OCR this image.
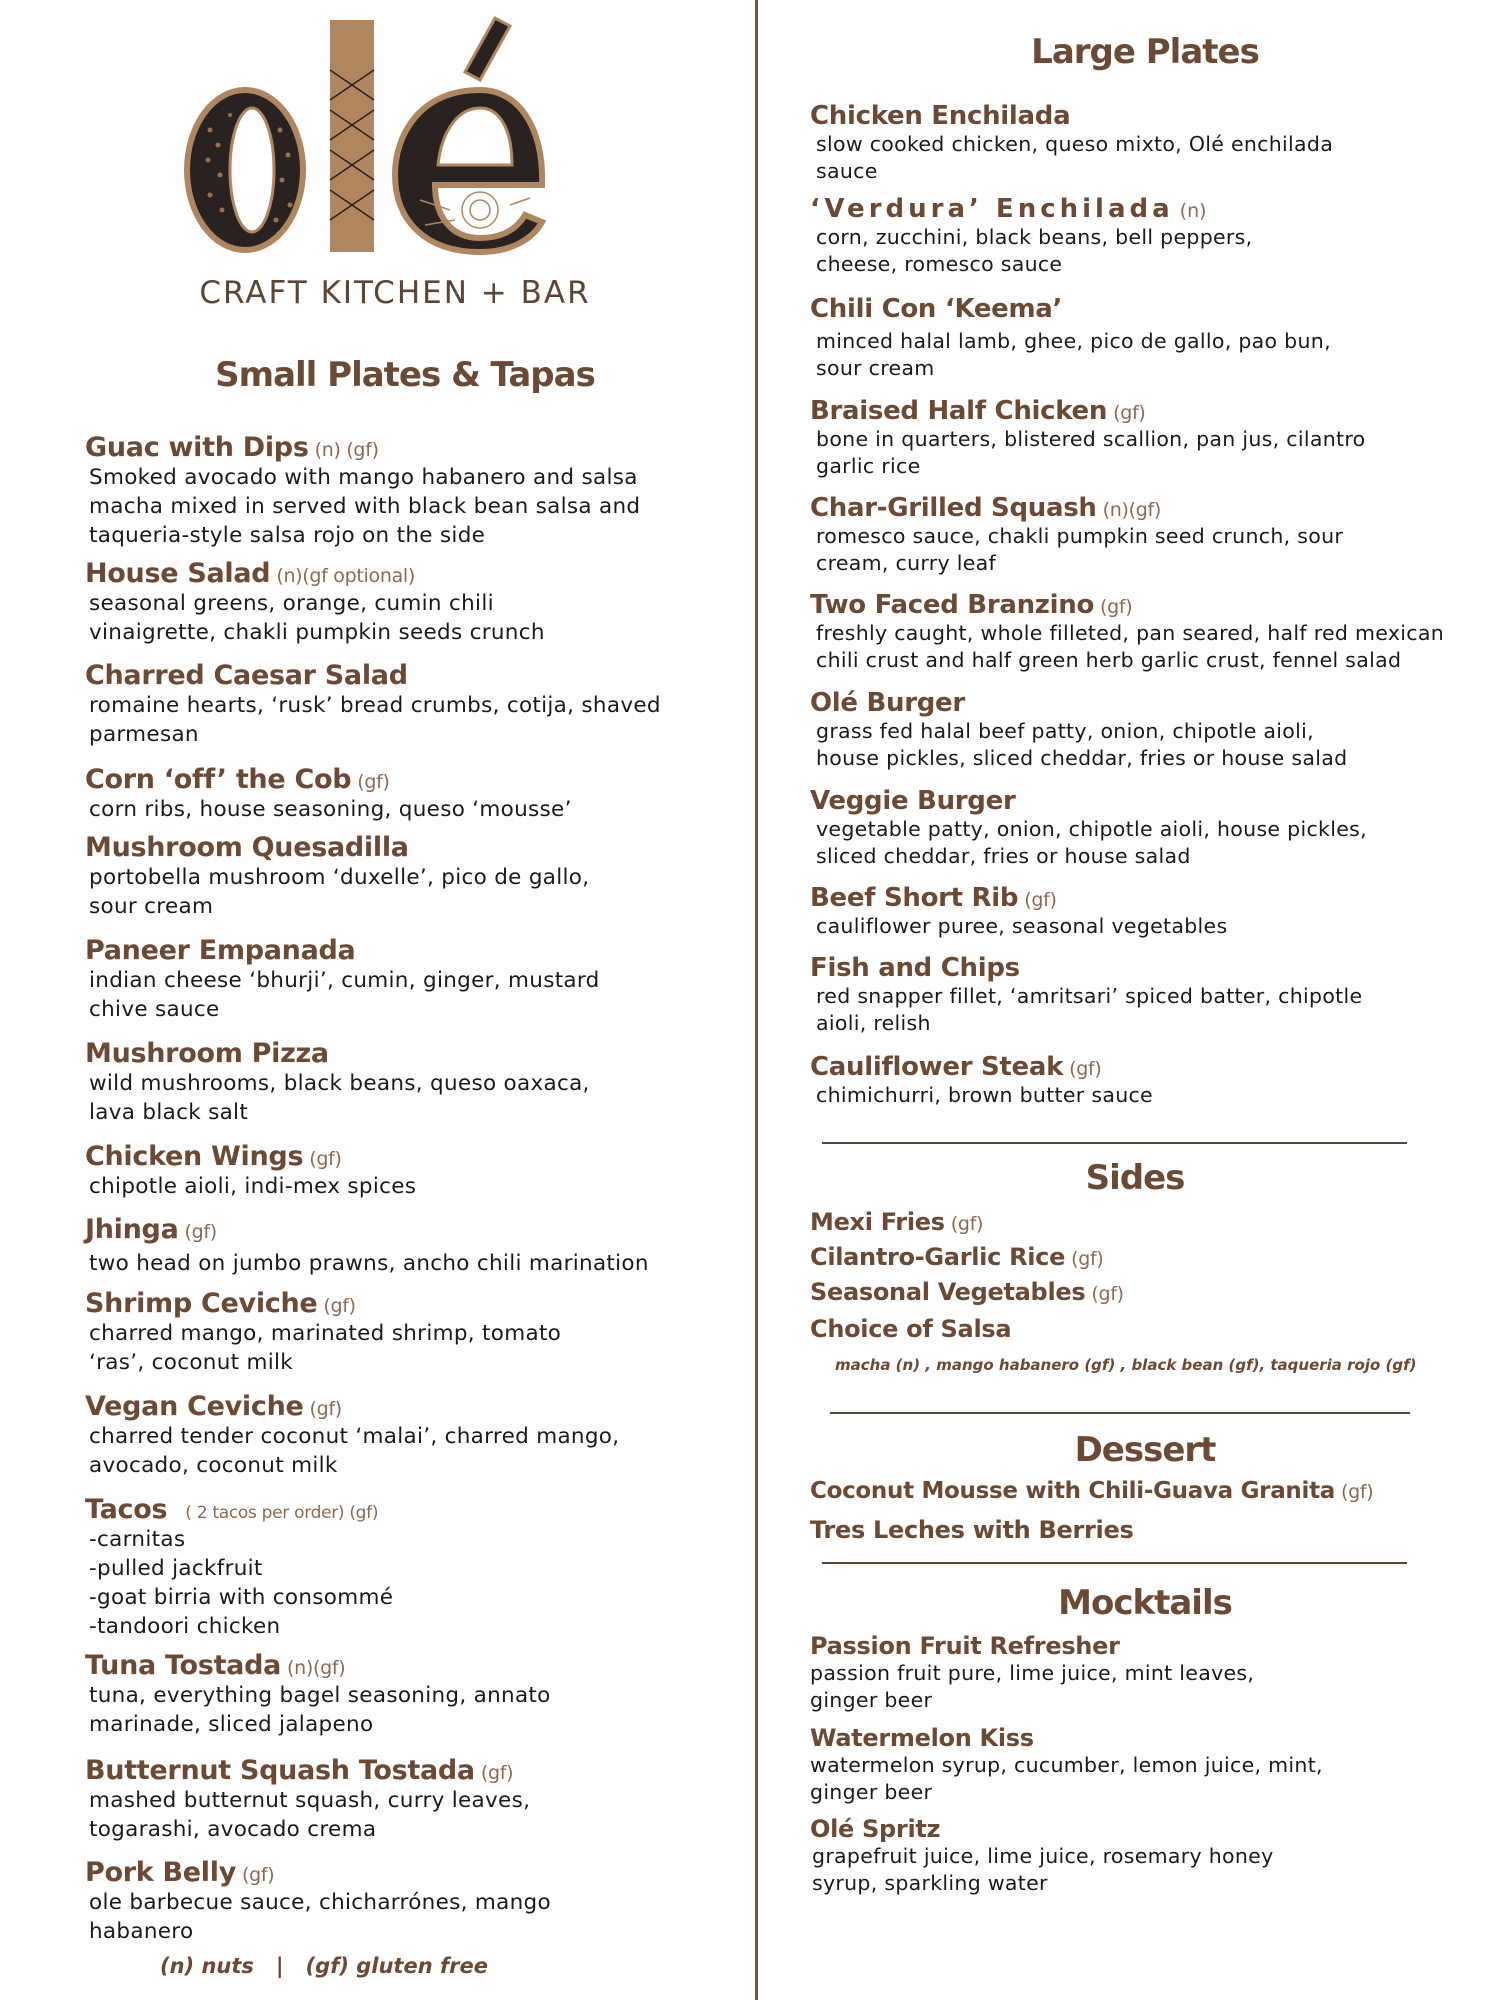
CRAFT KITCHEN + BAR
Small Plates & Tapas
Guac with Dips (n) (gf)
Smoked avocado with mango habanero and salsa
macha mixed in served with black bean salsa and
taqueria-style salsa rojo on the side
House Salad (n)(gf optional)
seasonal greens, orange, cumin chili
vinaigrette, chakli pumpkin seeds crunch
Charred Caesar Salad
romaine hearts, ‘rusk’ bread crumbs, cotija, shaved
parmesan
Corn ‘off’ the Cob (gf)
corn ribs, house seasoning, queso ‘mousse’
Mushroom Quesadilla
portobella mushroom ‘duxelle’, pico de gallo,
sour cream
Paneer Empanada
indian cheese ‘bhurji’, cumin, ginger, mustard
chive sauce
Mushroom Pizza
wild mushrooms, black beans, queso oaxaca,
lava black salt
Chicken Wings (gf)
chipotle aioli, indi-mex spices
Jhinga (gf)
two head on jumbo prawns, ancho chili marination
Shrimp Ceviche (gf)
charred mango, marinated shrimp, tomato
‘ras’, coconut milk
Vegan Ceviche (gf)
charred tender coconut ‘malai’, charred mango,
avocado, coconut milk
Tacos ( 2 tacos per order) (gf)
-carnitas
-pulled jackfruit
-goat birria with consommé
-tandoori chicken
Tuna Tostada (n)(gf)
tuna, everything bagel seasoning, annato
marinade, sliced jalapeno
Butternut Squash Tostada (gf)
mashed butternut squash, curry leaves,
togarashi, avocado crema
Pork Belly (gf)
ole barbecue sauce, chicharrónes, mango
habanero
(n) nuts | (gf) gluten free
Large Plates
Chicken Enchilada
slow cooked chicken, queso mixto, Olé enchilada
sauce
‘Verdura’ Enchilada (n)
corn, zucchini, black beans, bell peppers,
cheese, romesco sauce
Chili Con ‘Keema’
minced halal lamb, ghee, pico de gallo, pao bun,
sour cream
Braised Half Chicken (gf)
bone in quarters, blistered scallion, pan jus, cilantro
garlic rice
Char-Grilled Squash (n)(gf)
romesco sauce, chakli pumpkin seed crunch, sour
cream, curry leaf
Two Faced Branzino (gf)
freshly caught, whole filleted, pan seared, half red mexican
chili crust and half green herb garlic crust, fennel salad
Olé Burger
grass fed halal beef patty, onion, chipotle aioli,
house pickles, sliced cheddar, fries or house salad
Veggie Burger
vegetable patty, onion, chipotle aioli, house pickles,
sliced cheddar, fries or house salad
Beef Short Rib (gf)
cauliflower puree, seasonal vegetables
Fish and Chips
red snapper fillet, ‘amritsari’ spiced batter, chipotle
aioli, relish
Cauliflower Steak (gf)
chimichurri, brown butter sauce
Sides
Mexi Fries (gf)
Cilantro-Garlic Rice (gf)
Seasonal Vegetables (gf)
Choice of Salsa
macha (n) , mango habanero (gf) , black bean (gf), taqueria rojo (gf)
Dessert
Coconut Mousse with Chili-Guava Granita (gf)
Tres Leches with Berries
Mocktails
Passion Fruit Refresher
passion fruit pure, lime juice, mint leaves,
ginger beer
Watermelon Kiss
watermelon syrup, cucumber, lemon juice, mint,
ginger beer
Olé Spritz
grapefruit juice, lime juice, rosemary honey
syrup, sparkling water
